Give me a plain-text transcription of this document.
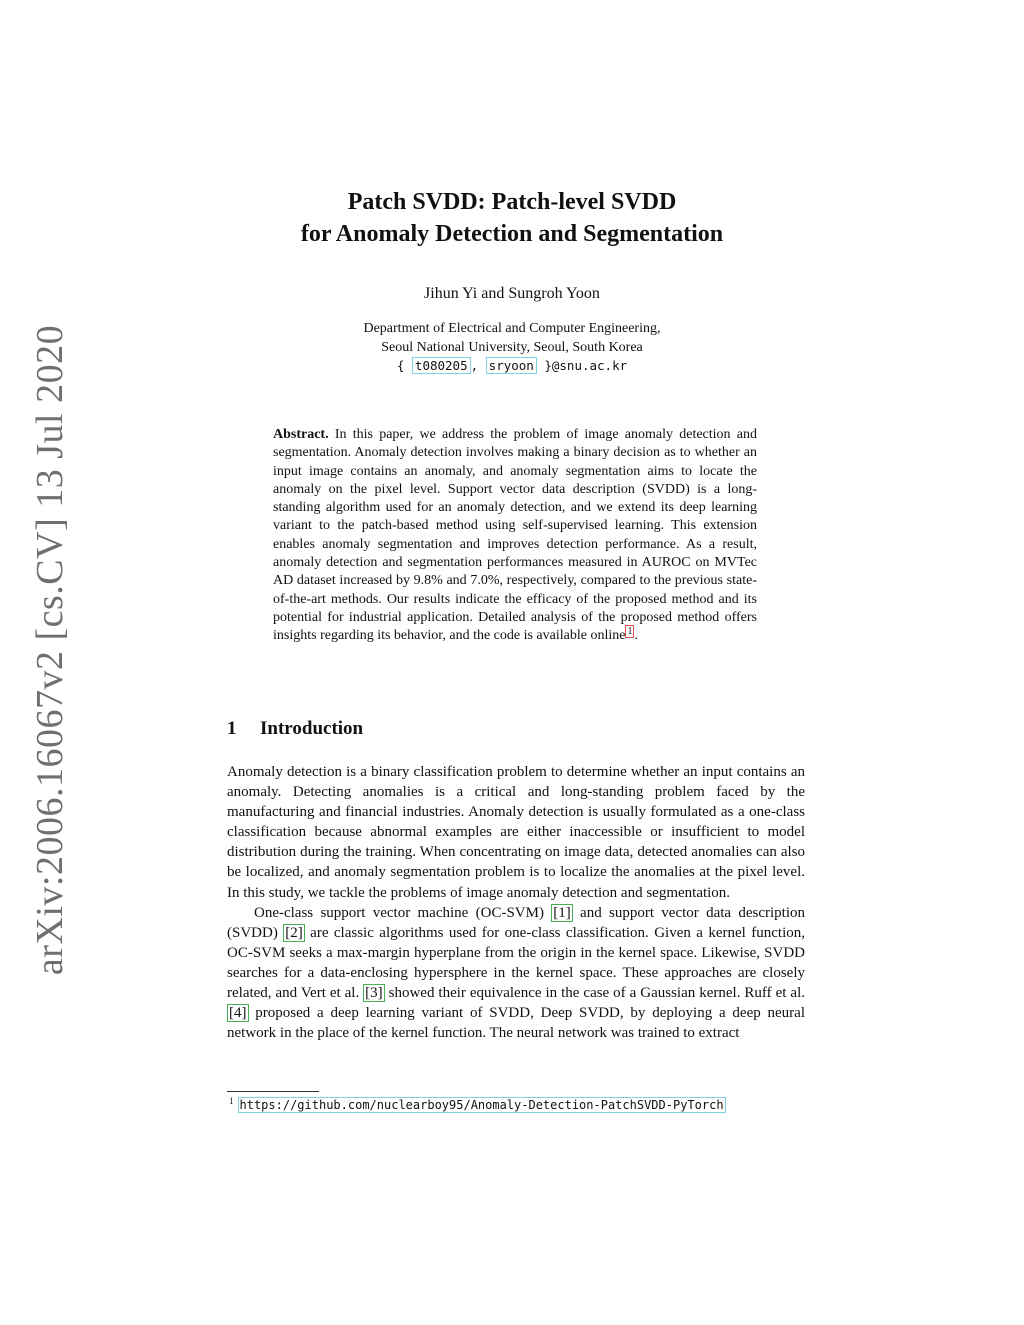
arXiv:2006.16067v2 [cs.CV] 13 Jul 2020
Patch SVDD: Patch-level SVDD
for Anomaly Detection and Segmentation
Jihun Yi and Sungroh Yoon
Department of Electrical and Computer Engineering,
Seoul National University, Seoul, South Korea
{ t080205 , sryoon }@snu.ac.kr
Abstract. In this paper, we address the problem of image anomaly detection and segmentation. Anomaly detection involves making a binary decision as to whether an input image contains an anomaly, and anomaly segmentation aims to locate the anomaly on the pixel level. Support vector data description (SVDD) is a long-standing algorithm used for an anomaly detection, and we extend its deep learning variant to the patch-based method using self-supervised learning. This extension enables anomaly segmentation and improves detection performance. As a result, anomaly detection and segmentation performances measured in AUROC on MVTec AD dataset increased by 9.8% and 7.0%, respectively, compared to the previous state-of-the-art methods. Our results indicate the efficacy of the proposed method and its potential for industrial application. Detailed analysis of the proposed method offers insights regarding its behavior, and the code is available online $^1$ .
1 Introduction

Anomaly detection is a binary classification problem to determine whether an input contains an anomaly. Detecting anomalies is a critical and long-standing problem faced by the manufacturing and financial industries. Anomaly detection is usually formulated as a one-class classification because abnormal examples are either inaccessible or insufficient to model distribution during the training. When concentrating on image data, detected anomalies can also be localized, and anomaly segmentation problem is to localize the anomalies at the pixel level. In this study, we tackle the problems of image anomaly detection and segmentation.

One-class support vector machine (OC-SVM) [1] and support vector data description (SVDD) [2] are classic algorithms used for one-class classification. Given a kernel function, OC-SVM seeks a max-margin hyperplane from the origin in the kernel space. Likewise, SVDD searches for a data-enclosing hypersphere in the kernel space. These approaches are closely related, and Vert et al. [3] showed their equivalence in the case of a Gaussian kernel. Ruff et al. [4] proposed a deep learning variant of SVDD, Deep SVDD, by deploying a deep neural network in the place of the kernel function. The neural network was trained to extract

$^1$ https://github.com/nuclearboy95/Anomaly-Detection-PatchSVDD-PyTorch
